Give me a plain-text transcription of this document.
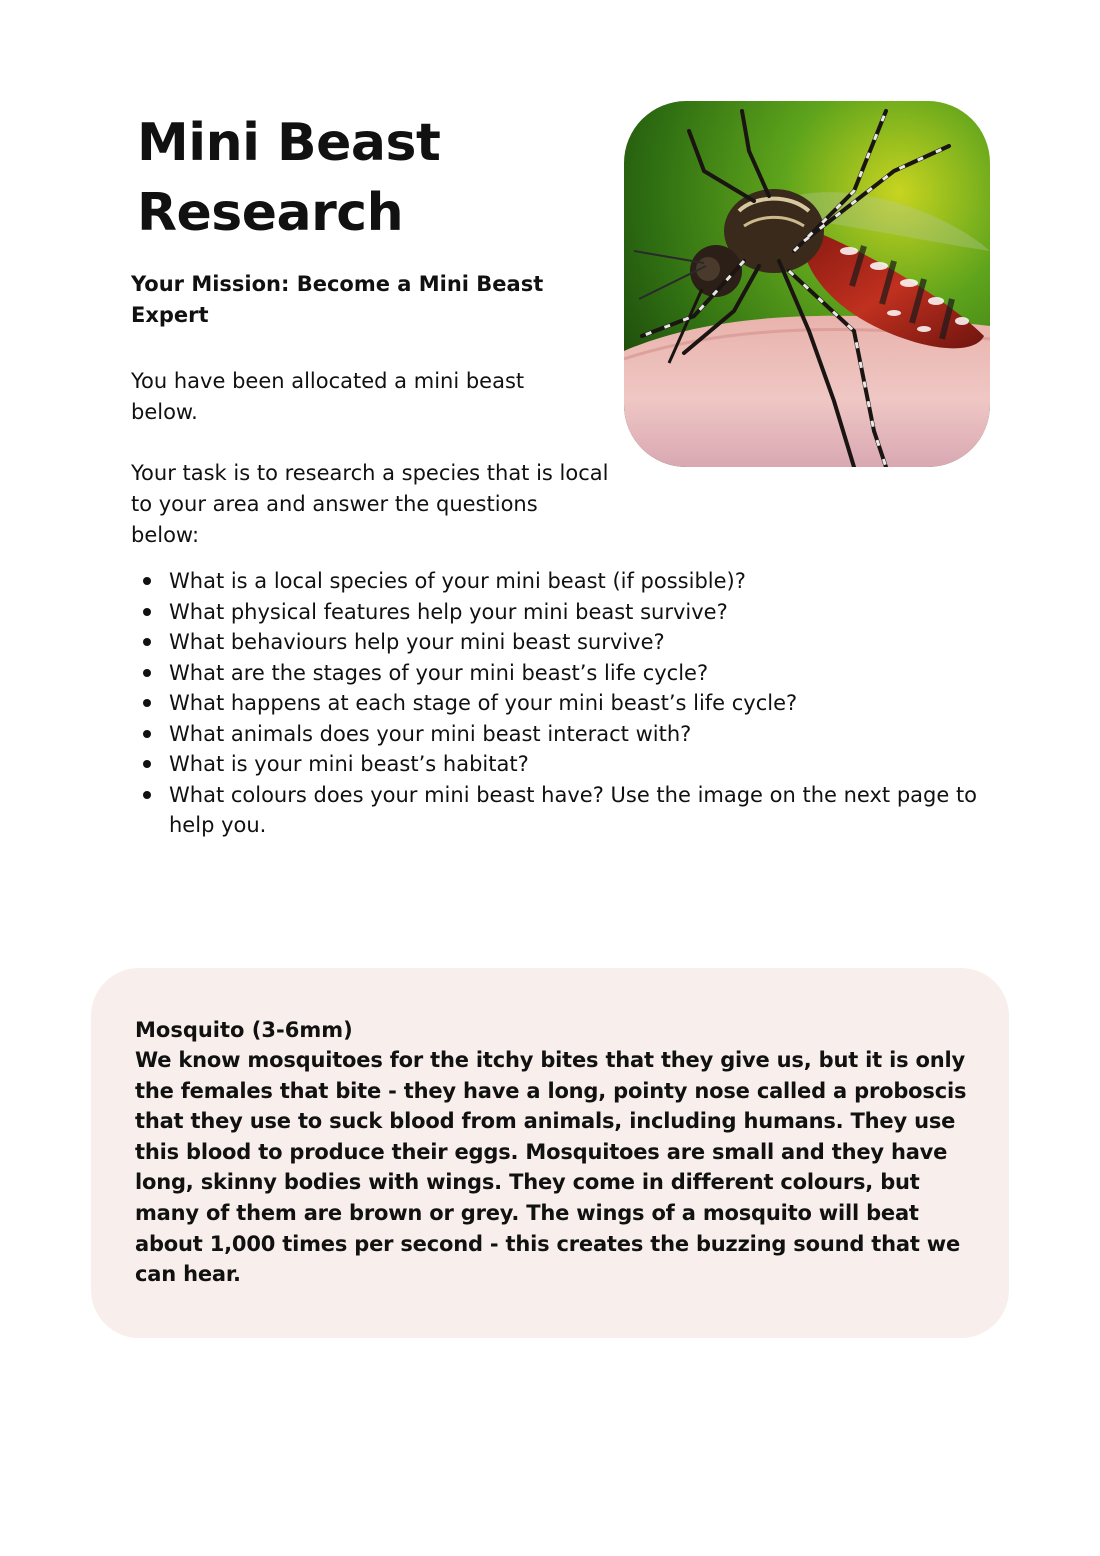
Mini Beast Research

Your Mission: Become a Mini Beast Expert

You have been allocated a mini beast below.

Your task is to research a species that is local to your area and answer the questions below:

What is a local species of your mini beast (if possible)?
What physical features help your mini beast survive?
What behaviours help your mini beast survive?
What are the stages of your mini beast’s life cycle?
What happens at each stage of your mini beast’s life cycle?
What animals does your mini beast interact with?
What is your mini beast’s habitat?
What colours does your mini beast have? Use the image on the next page to help you.

Mosquito (3-6mm)

We know mosquitoes for the itchy bites that they give us, but it is only the females that bite - they have a long, pointy nose called a proboscis that they use to suck blood from animals, including humans. They use this blood to produce their eggs. Mosquitoes are small and they have long, skinny bodies with wings. They come in different colours, but many of them are brown or grey. The wings of a mosquito will beat about 1,000 times per second - this creates the buzzing sound that we can hear.
